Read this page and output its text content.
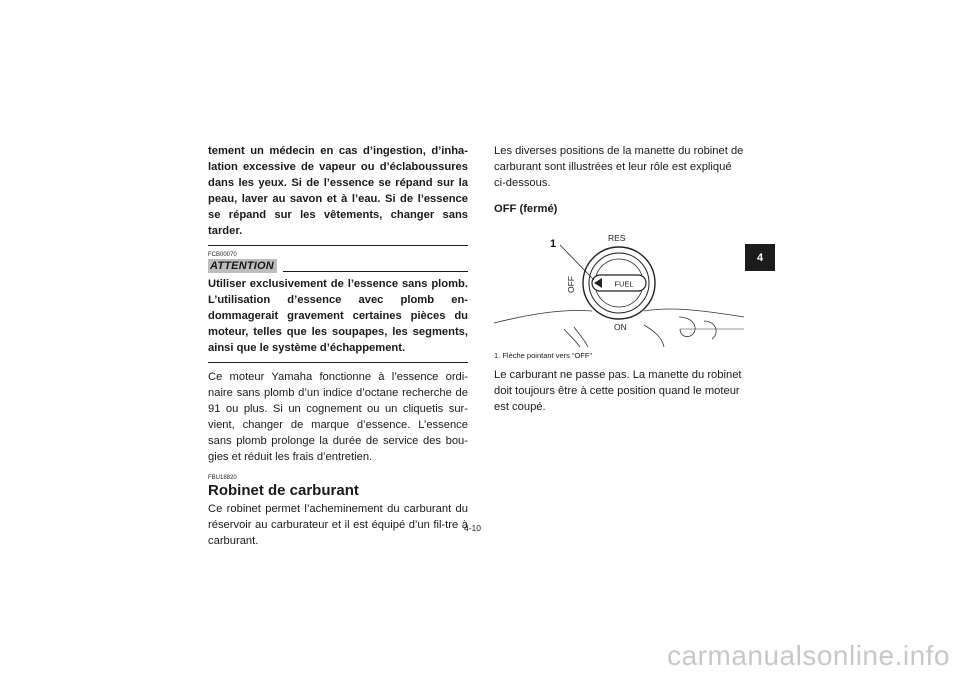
tement un médecin en cas d’ingestion, d’inha-lation excessive de vapeur ou d’éclaboussures dans les yeux. Si de l’essence se répand sur la peau, laver au savon et à l’eau. Si de l’essence se répand sur les vêtements, changer sans tarder.

FCB00070

ATTENTION

Utiliser exclusivement de l’essence sans plomb. L’utilisation d’essence avec plomb en-dommagerait gravement certaines pièces du moteur, telles que les soupapes, les segments, ainsi que le système d’échappement.

Ce moteur Yamaha fonctionne à l’essence ordi-naire sans plomb d’un indice d’octane recherche de 91 ou plus. Si un cognement ou un cliquetis sur-vient, changer de marque d’essence. L’essence sans plomb prolonge la durée de service des bou-gies et réduit les frais d’entretien.

FBU18820

Robinet de carburant

Ce robinet permet l’acheminement du carburant du réservoir au carburateur et il est équipé d’un fil-tre à carburant.

Les diverses positions de la manette du robinet de carburant sont illustrées et leur rôle est expliqué ci-dessous.

OFF (fermé)

FUEL
1	RES
OFF
ON

1. Flèche pointant vers “OFF”

Le carburant ne passe pas. La manette du robinet doit toujours être à cette position quand le moteur est coupé.

4
4-10
carmanualsonline.info
